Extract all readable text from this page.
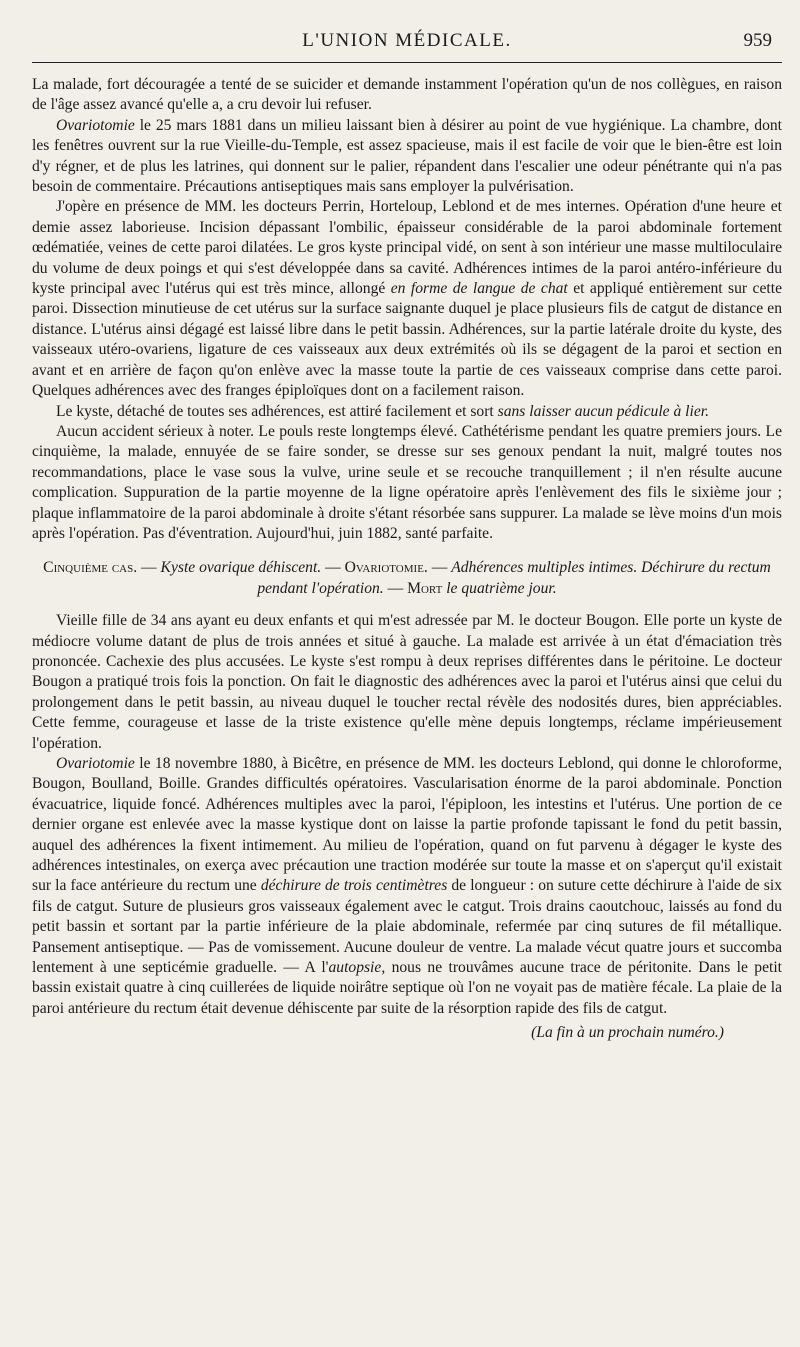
L'UNION MÉDICALE.	959

La malade, fort découragée a tenté de se suicider et demande instamment l'opération qu'un de nos collègues, en raison de l'âge assez avancé qu'elle a, a cru devoir lui refuser.

Ovariotomie le 25 mars 1881 dans un milieu laissant bien à désirer au point de vue hygiénique. La chambre, dont les fenêtres ouvrent sur la rue Vieille-du-Temple, est assez spacieuse, mais il est facile de voir que le bien-être est loin d'y régner, et de plus les latrines, qui donnent sur le palier, répandent dans l'escalier une odeur pénétrante qui n'a pas besoin de commentaire. Précautions antiseptiques mais sans employer la pulvérisation.

J'opère en présence de MM. les docteurs Perrin, Horteloup, Leblond et de mes internes. Opération d'une heure et demie assez laborieuse. Incision dépassant l'ombilic, épaisseur considérable de la paroi abdominale fortement œdématiée, veines de cette paroi dilatées. Le gros kyste principal vidé, on sent à son intérieur une masse multiloculaire du volume de deux poings et qui s'est développée dans sa cavité. Adhérences intimes de la paroi antéro-inférieure du kyste principal avec l'utérus qui est très mince, allongé en forme de langue de chat et appliqué entièrement sur cette paroi. Dissection minutieuse de cet utérus sur la surface saignante duquel je place plusieurs fils de catgut de distance en distance. L'utérus ainsi dégagé est laissé libre dans le petit bassin. Adhérences, sur la partie latérale droite du kyste, des vaisseaux utéro-ovariens, ligature de ces vaisseaux aux deux extrémités où ils se dégagent de la paroi et section en avant et en arrière de façon qu'on enlève avec la masse toute la partie de ces vaisseaux comprise dans cette paroi. Quelques adhérences avec des franges épiploïques dont on a facilement raison.

Le kyste, détaché de toutes ses adhérences, est attiré facilement et sort sans laisser aucun pédicule à lier.

Aucun accident sérieux à noter. Le pouls reste longtemps élevé. Cathétérisme pendant les quatre premiers jours. Le cinquième, la malade, ennuyée de se faire sonder, se dresse sur ses genoux pendant la nuit, malgré toutes nos recommandations, place le vase sous la vulve, urine seule et se recouche tranquillement ; il n'en résulte aucune complication. Suppuration de la partie moyenne de la ligne opératoire après l'enlèvement des fils le sixième jour ; plaque inflammatoire de la paroi abdominale à droite s'étant résorbée sans suppurer. La malade se lève moins d'un mois après l'opération. Pas d'éventration. Aujourd'hui, juin 1882, santé parfaite.

Cinquième cas. — Kyste ovarique déhiscent. — Ovariotomie. — Adhérences multiples intimes. Déchirure du rectum pendant l'opération. — Mort le quatrième jour.

Vieille fille de 34 ans ayant eu deux enfants et qui m'est adressée par M. le docteur Bougon. Elle porte un kyste de médiocre volume datant de plus de trois années et situé à gauche. La malade est arrivée à un état d'émaciation très prononcée. Cachexie des plus accusées. Le kyste s'est rompu à deux reprises différentes dans le péritoine. Le docteur Bougon a pratiqué trois fois la ponction. On fait le diagnostic des adhérences avec la paroi et l'utérus ainsi que celui du prolongement dans le petit bassin, au niveau duquel le toucher rectal révèle des nodosités dures, bien appréciables. Cette femme, courageuse et lasse de la triste existence qu'elle mène depuis longtemps, réclame impérieusement l'opération.

Ovariotomie le 18 novembre 1880, à Bicêtre, en présence de MM. les docteurs Leblond, qui donne le chloroforme, Bougon, Boulland, Boille. Grandes difficultés opératoires. Vascularisation énorme de la paroi abdominale. Ponction évacuatrice, liquide foncé. Adhérences multiples avec la paroi, l'épiploon, les intestins et l'utérus. Une portion de ce dernier organe est enlevée avec la masse kystique dont on laisse la partie profonde tapissant le fond du petit bassin, auquel des adhérences la fixent intimement. Au milieu de l'opération, quand on fut parvenu à dégager le kyste des adhérences intestinales, on exerça avec précaution une traction modérée sur toute la masse et on s'aperçut qu'il existait sur la face antérieure du rectum une déchirure de trois centimètres de longueur : on suture cette déchirure à l'aide de six fils de catgut. Suture de plusieurs gros vaisseaux également avec le catgut. Trois drains caoutchouc, laissés au fond du petit bassin et sortant par la partie inférieure de la plaie abdominale, refermée par cinq sutures de fil métallique. Pansement antiseptique. — Pas de vomissement. Aucune douleur de ventre. La malade vécut quatre jours et succomba lentement à une septicémie graduelle. — A l'autopsie, nous ne trouvâmes aucune trace de péritonite. Dans le petit bassin existait quatre à cinq cuillerées de liquide noirâtre septique où l'on ne voyait pas de matière fécale. La plaie de la paroi antérieure du rectum était devenue déhiscente par suite de la résorption rapide des fils de catgut.

(La fin à un prochain numéro.)
